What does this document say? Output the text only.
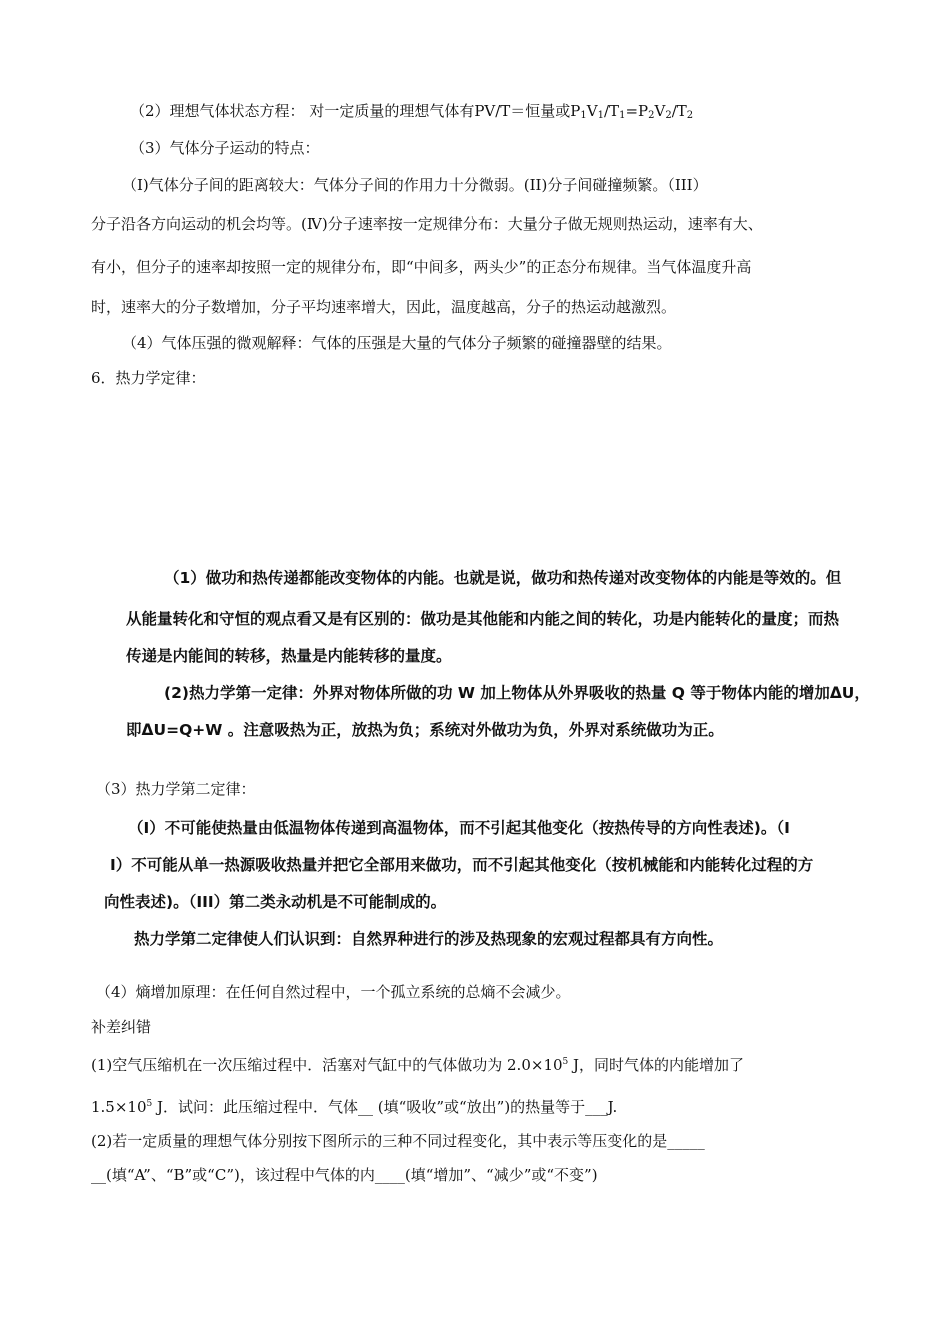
（2）理想气体状态方程： 对一定质量的理想气体有PV/T＝恒量或$P_1V_1/T_1=P_2V_2/T_2$
（3）气体分子运动的特点：
（Ⅰ)气体分子间的距离较大：气体分子间的作用力十分微弱。(ⅠⅠ)分子间碰撞频繁。（ⅠⅠⅠ）
分子沿各方向运动的机会均等。(Ⅳ)分子速率按一定规律分布：大量分子做无规则热运动，速率有大、
有小，但分子的速率却按照一定的规律分布，即“中间多，两头少”的正态分布规律。当气体温度升高
时，速率大的分子数增加，分子平均速率增大，因此，温度越高，分子的热运动越激烈。
（4）气体压强的微观解释：气体的压强是大量的气体分子频繁的碰撞器壁的结果。
6．热力学定律：
（1）做功和热传递都能改变物体的内能。也就是说，做功和热传递对改变物体的内能是等效的。但
从能量转化和守恒的观点看又是有区别的：做功是其他能和内能之间的转化，功是内能转化的量度；而热
传递是内能间的转移，热量是内能转移的量度。
(2)热力学第一定律：外界对物体所做的功 W 加上物体从外界吸收的热量 Q 等于物体内能的增加ΔU，
即ΔU=Q+W 。注意吸热为正，放热为负；系统对外做功为负，外界对系统做功为正。
（3）热力学第二定律：
（Ⅰ）不可能使热量由低温物体传递到高温物体，而不引起其他变化（按热传导的方向性表述)。（Ⅰ
Ⅰ）不可能从单一热源吸收热量并把它全部用来做功，而不引起其他变化（按机械能和内能转化过程的方
向性表述)。（ⅠⅠⅠ）第二类永动机是不可能制成的。
热力学第二定律使人们认识到：自然界种进行的涉及热现象的宏观过程都具有方向性。
（4）熵增加原理：在任何自然过程中，一个孤立系统的总熵不会减少。
补差纠错
(1)空气压缩机在一次压缩过程中．活塞对气缸中的气体做功为 $2.0\times 10^5$ J，同时气体的内能增加了
$1.5\times 10^5$ J．试问：此压缩过程中．气体__ (填“吸收”或“放出”)的热量等于___J.
(2)若一定质量的理想气体分别按下图所示的三种不同过程变化，其中表示等压变化的是_____
__(填“A”、“B”或“C”)，该过程中气体的内____(填“增加”、“减少”或“不变”)
